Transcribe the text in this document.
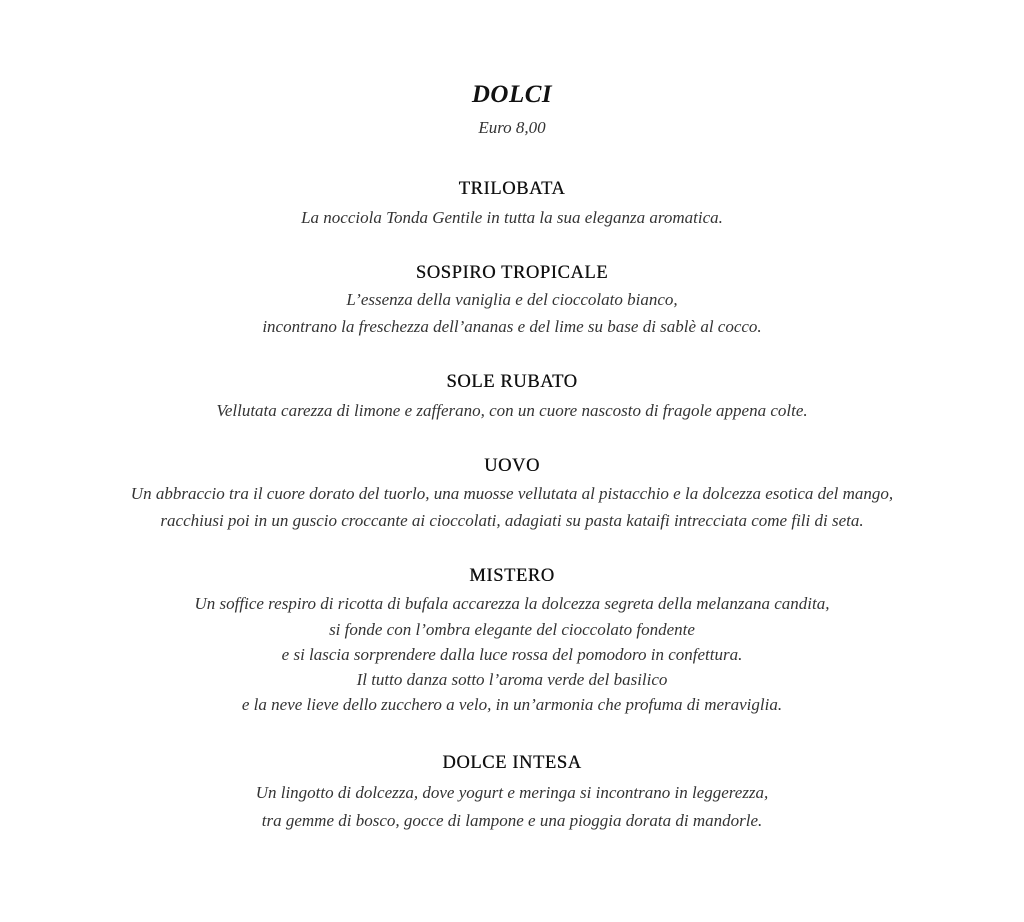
DOLCI
Euro 8,00
TRILOBATA
La nocciola Tonda Gentile in tutta la sua eleganza aromatica.
SOSPIRO TROPICALE
L’essenza della vaniglia e del cioccolato bianco,
incontrano la freschezza dell’ananas e del lime su base di sablè al cocco.
SOLE RUBATO
Vellutata carezza di limone e zafferano, con un cuore nascosto di fragole appena colte.
UOVO
Un abbraccio tra il cuore dorato del tuorlo, una muosse vellutata al pistacchio e la dolcezza esotica del mango,
racchiusi poi in un guscio croccante ai cioccolati, adagiati su pasta kataifi intrecciata come fili di seta.
MISTERO
Un soffice respiro di ricotta di bufala accarezza la dolcezza segreta della melanzana candita,
si fonde con l’ombra elegante del cioccolato fondente
e si lascia sorprendere dalla luce rossa del pomodoro in confettura.
Il tutto danza sotto l’aroma verde del basilico
e la neve lieve dello zucchero a velo, in un’armonia che profuma di meraviglia.
DOLCE INTESA
Un lingotto di dolcezza, dove yogurt e meringa si incontrano in leggerezza,
tra gemme di bosco, gocce di lampone e una pioggia dorata di mandorle.
